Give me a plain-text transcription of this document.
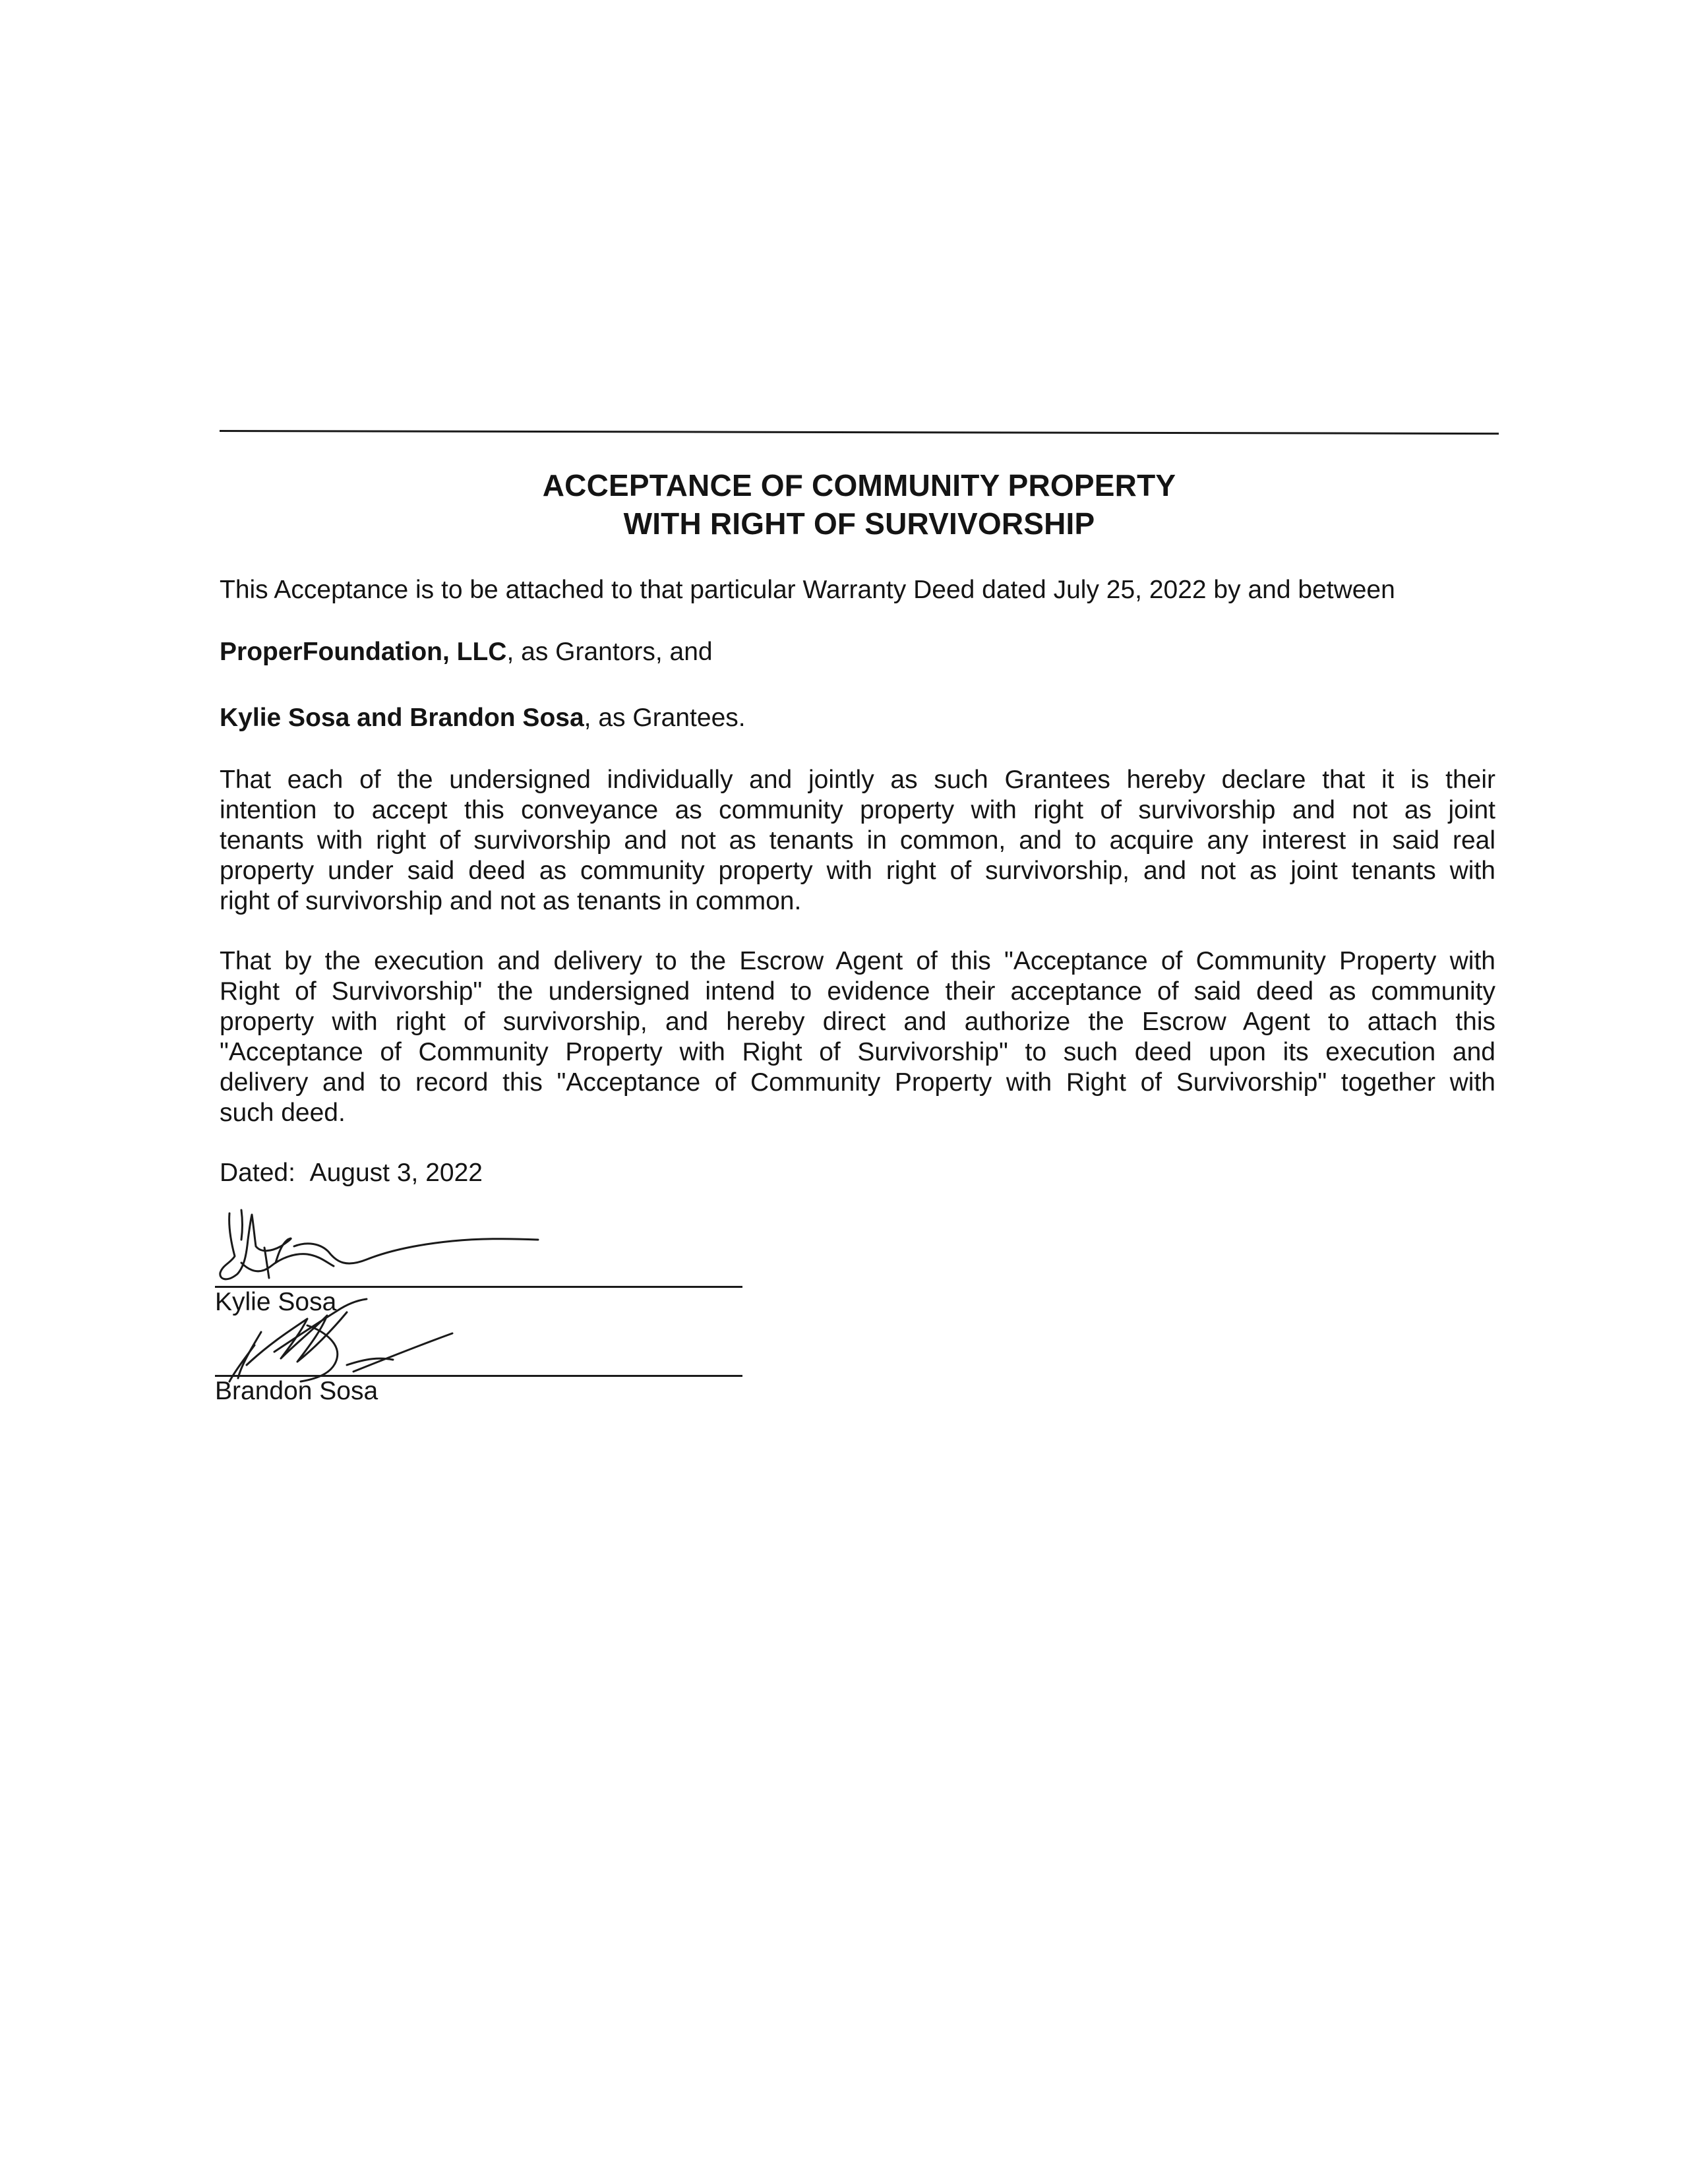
ACCEPTANCE OF COMMUNITY PROPERTY
WITH RIGHT OF SURVIVORSHIP
This Acceptance is to be attached to that particular Warranty Deed dated July 25, 2022 by and between
ProperFoundation, LLC, as Grantors, and
Kylie Sosa and Brandon Sosa, as Grantees.
That each of the undersigned individually and jointly as such Grantees hereby declare that it is their
intention to accept this conveyance as community property with right of survivorship and not as joint
tenants with right of survivorship and not as tenants in common, and to acquire any interest in said real
property under said deed as community property with right of survivorship, and not as joint tenants with
right of survivorship and not as tenants in common.
That by the execution and delivery to the Escrow Agent of this "Acceptance of Community Property with
Right of Survivorship" the undersigned intend to evidence their acceptance of said deed as community
property with right of survivorship, and hereby direct and authorize the Escrow Agent to attach this
"Acceptance of Community Property with Right of Survivorship" to such deed upon its execution and
delivery and to record this "Acceptance of Community Property with Right of Survivorship" together with
such deed.
Dated: August 3, 2022
Kylie Sosa
Brandon Sosa
